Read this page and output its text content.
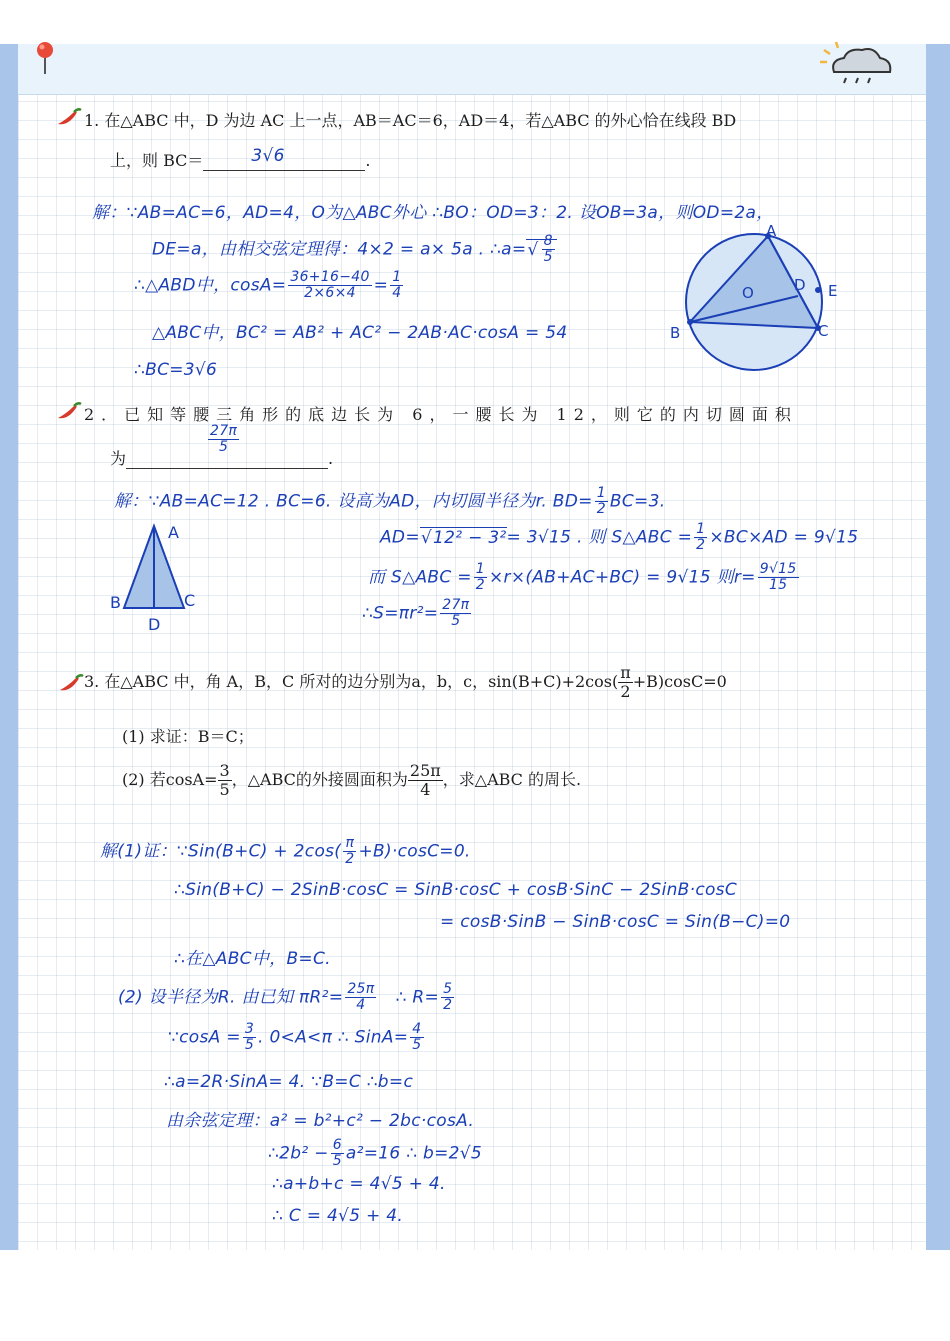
1. 在△ABC 中，D 为边 AC 上一点，AB＝AC＝6，AD＝4，若△ABC 的外心恰在线段 BD
上，则 BC＝	3√6	.
解：∵AB=AC=6，AD=4，O为△ABC外心 ∴BO：OD=3：2. 设OB=3a，则OD=2a，
DE=a，由相交弦定理得：4×2 = a× 5a . ∴a= √ $\frac{8}{5}$
∴△ABD中，$\cos A= \frac{36+16-40}{2\times 6\times 4} = \frac{1}{4}$
△ABC中，BC² = AB² + AC² − 2AB·AC·cosA = 54
∴BC=3√6
A
O	D E
B	C
2．已知等腰三角形的底边长为 6，一腰长为 12，则它的内切圆面积
为
$\frac{27\pi}{5}$
.
解：∵AB=AC=12 . BC=6. 设高为AD，内切圆半径为r. $BD= \frac{1}{2} BC=3$.
AD= √ 12² − 3²= 3√15 . 则 S△ABC = $\frac{1}{2} \times BC\times AD = 9√15$
而 S△ABC = $\frac{1}{2} \times r\times(AB+AC+BC) = 9√15$ 则$r= \frac{9√15}{15}$
∴S=πr²= $\frac{27\pi}{5}$
A
B	C
D
3. 在△ABC 中，角 A，B，C 所对的边分别为a，b，c，$\sin(B+C)+2\cos( \frac{\pi}{2} +B)\cos C=0$
(1) 求证：B＝C；
(2) 若$\cos A= \frac{3}{5}$ ，△ABC的外接圆面积为 $\frac{25\pi}{4}$ ，求△ABC 的周长.
解(1)证：∵Sin(B+C) + $2\cos( \frac{\pi}{2} +B)\cdot\cos C=0$.
∴Sin(B+C) − 2SinB·cosC = SinB·cosC + cosB·SinC − 2SinB·cosC
= cosB·SinB − SinB·cosC = Sin(B−C)=0
∴在△ABC中，B=C.
(2) 设半径为R. 由已知 $\pi R^2= \frac{25\pi}{4}$ ∴ $R= \frac{5}{2}$
∵cosA = $\frac{3}{5}$ . 0<A<π ∴ SinA= $\frac{4}{5}$
∴a=2R·SinA= 4. ∵B=C ∴b=c
由余弦定理：a² = b²+c² − 2bc·cosA.
∴2b² − $\frac{6}{5} a^2=16$ ∴ b=2√5
∴a+b+c = 4√5 + 4.
∴ C = 4√5 + 4.
